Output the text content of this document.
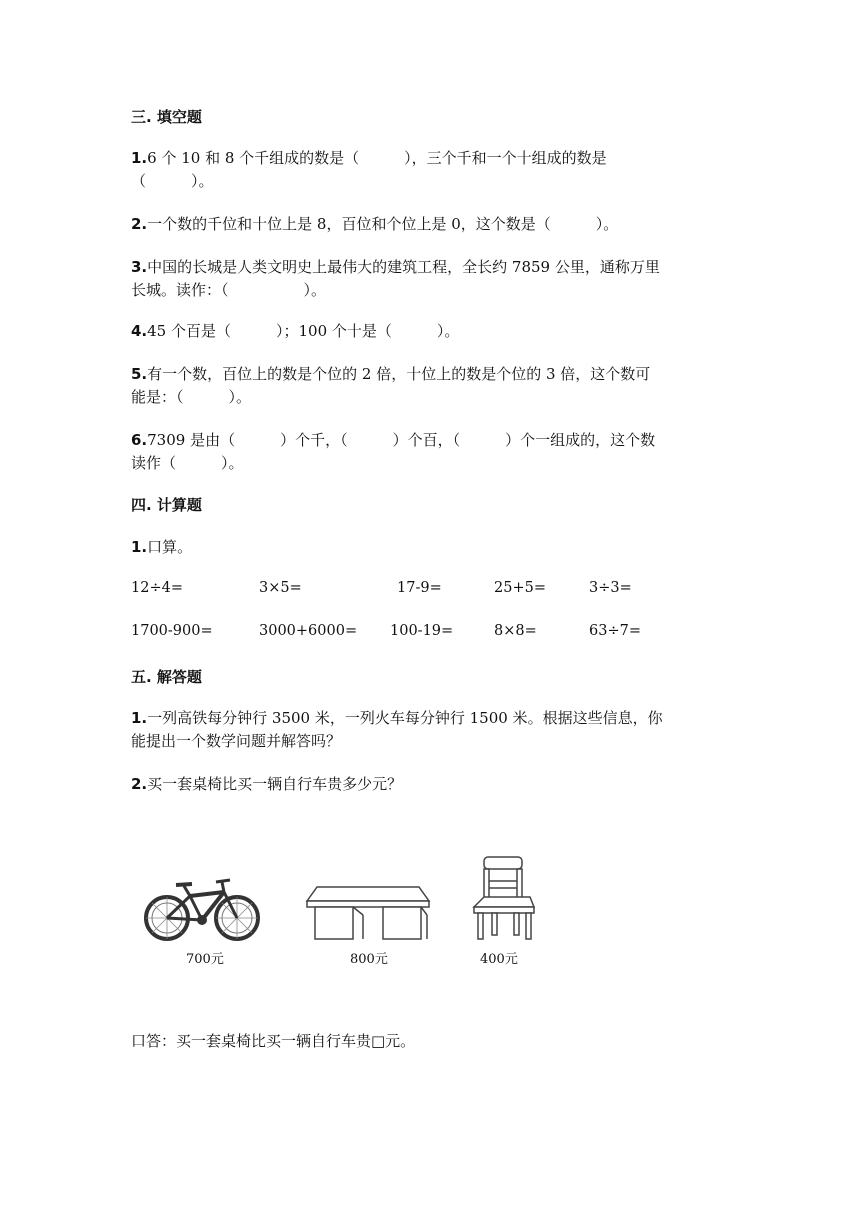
三. 填空题
1.6 个 10 和 8 个千组成的数是（　　　），三个千和一个十组成的数是
（　　　）。
2.一个数的千位和十位上是 8，百位和个位上是 0，这个数是（　　　）。
3.中国的长城是人类文明史上最伟大的建筑工程，全长约 7859 公里，通称万里
长城。读作：（　　　　　）。
4.45 个百是（　　　）；100 个十是（　　　）。
5.有一个数，百位上的数是个位的 2 倍，十位上的数是个位的 3 倍，这个数可
能是：（　　　）。
6.7309 是由（　　　）个千，（　　　）个百，（　　　）个一组成的，这个数
读作（　　　）。
四. 计算题
1.口算。
12÷4=	3×5=	17-9=	25+5=	3÷3=
1700-900=	3000+6000= 100-19=	8×8=	63÷7=
五. 解答题
1.一列高铁每分钟行 3500 米，一列火车每分钟行 1500 米。根据这些信息，你
能提出一个数学问题并解答吗？
2.买一套桌椅比买一辆自行车贵多少元？
700元	800元	400元
口答：买一套桌椅比买一辆自行车贵□元。
